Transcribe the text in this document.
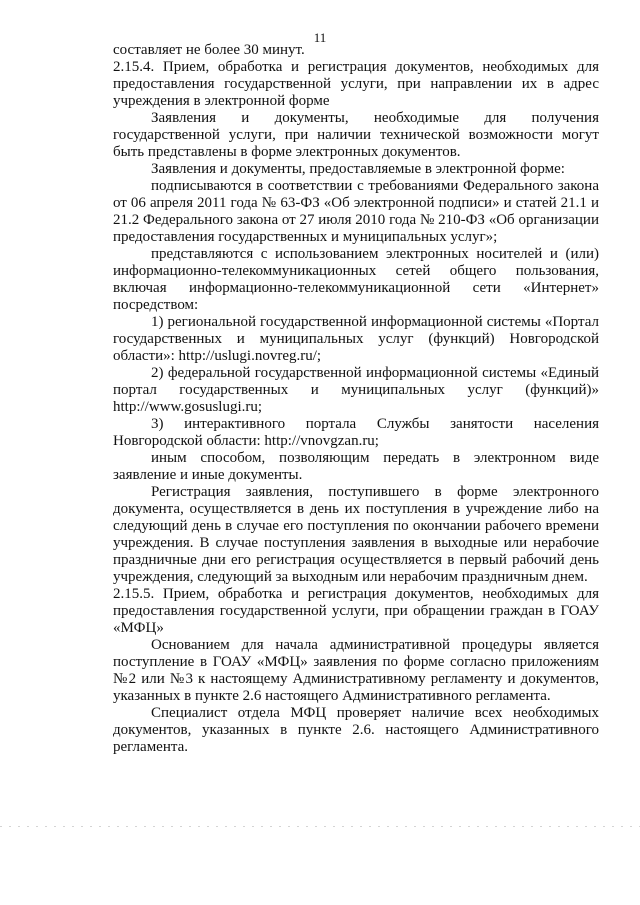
11

составляет не более 30 минут.

2.15.4. Прием, обработка и регистрация документов, необходимых для предоставления государственной услуги, при направлении их в адрес учреждения в электронной форме

Заявления и документы, необходимые для получения государственной услуги, при наличии технической возможности могут быть представлены в форме электронных документов.

Заявления и документы, предоставляемые в электронной форме:

подписываются в соответствии с требованиями Федерального закона от 06 апреля 2011 года № 63-ФЗ «Об электронной подписи» и статей 21.1 и 21.2 Федерального закона от 27 июля 2010 года № 210-ФЗ «Об организации предоставления государственных и муниципальных услуг»;

представляются с использованием электронных носителей и (или) информационно-телекоммуникационных сетей общего пользования, включая информационно-телекоммуникационной сети «Интернет» посредством:

1) региональной государственной информационной системы «Портал государственных и муниципальных услуг (функций) Новгородской области»: http://uslugi.novreg.ru/;

2) федеральной государственной информационной системы «Единый портал государственных и муниципальных услуг (функций)» http://www.gosuslugi.ru;

3) интерактивного портала Службы занятости населения Новгородской области: http://vnovgzan.ru;

иным способом, позволяющим передать в электронном виде заявление и иные документы.

Регистрация заявления, поступившего в форме электронного документа, осуществляется в день их поступления в учреждение либо на следующий день в случае его поступления по окончании рабочего времени учреждения. В случае поступления заявления в выходные или нерабочие праздничные дни его регистрация осуществляется в первый рабочий день учреждения, следующий за выходным или нерабочим праздничным днем.

2.15.5. Прием, обработка и регистрация документов, необходимых для предоставления государственной услуги, при обращении граждан в ГОАУ «МФЦ»

Основанием для начала административной процедуры является поступление в ГОАУ «МФЦ» заявления по форме согласно приложениям №2 или №3 к настоящему Административному регламенту и документов, указанных в пункте 2.6 настоящего Административного регламента.

Специалист отдела МФЦ проверяет наличие всех необходимых документов, указанных в пункте 2.6. настоящего Административного регламента.
